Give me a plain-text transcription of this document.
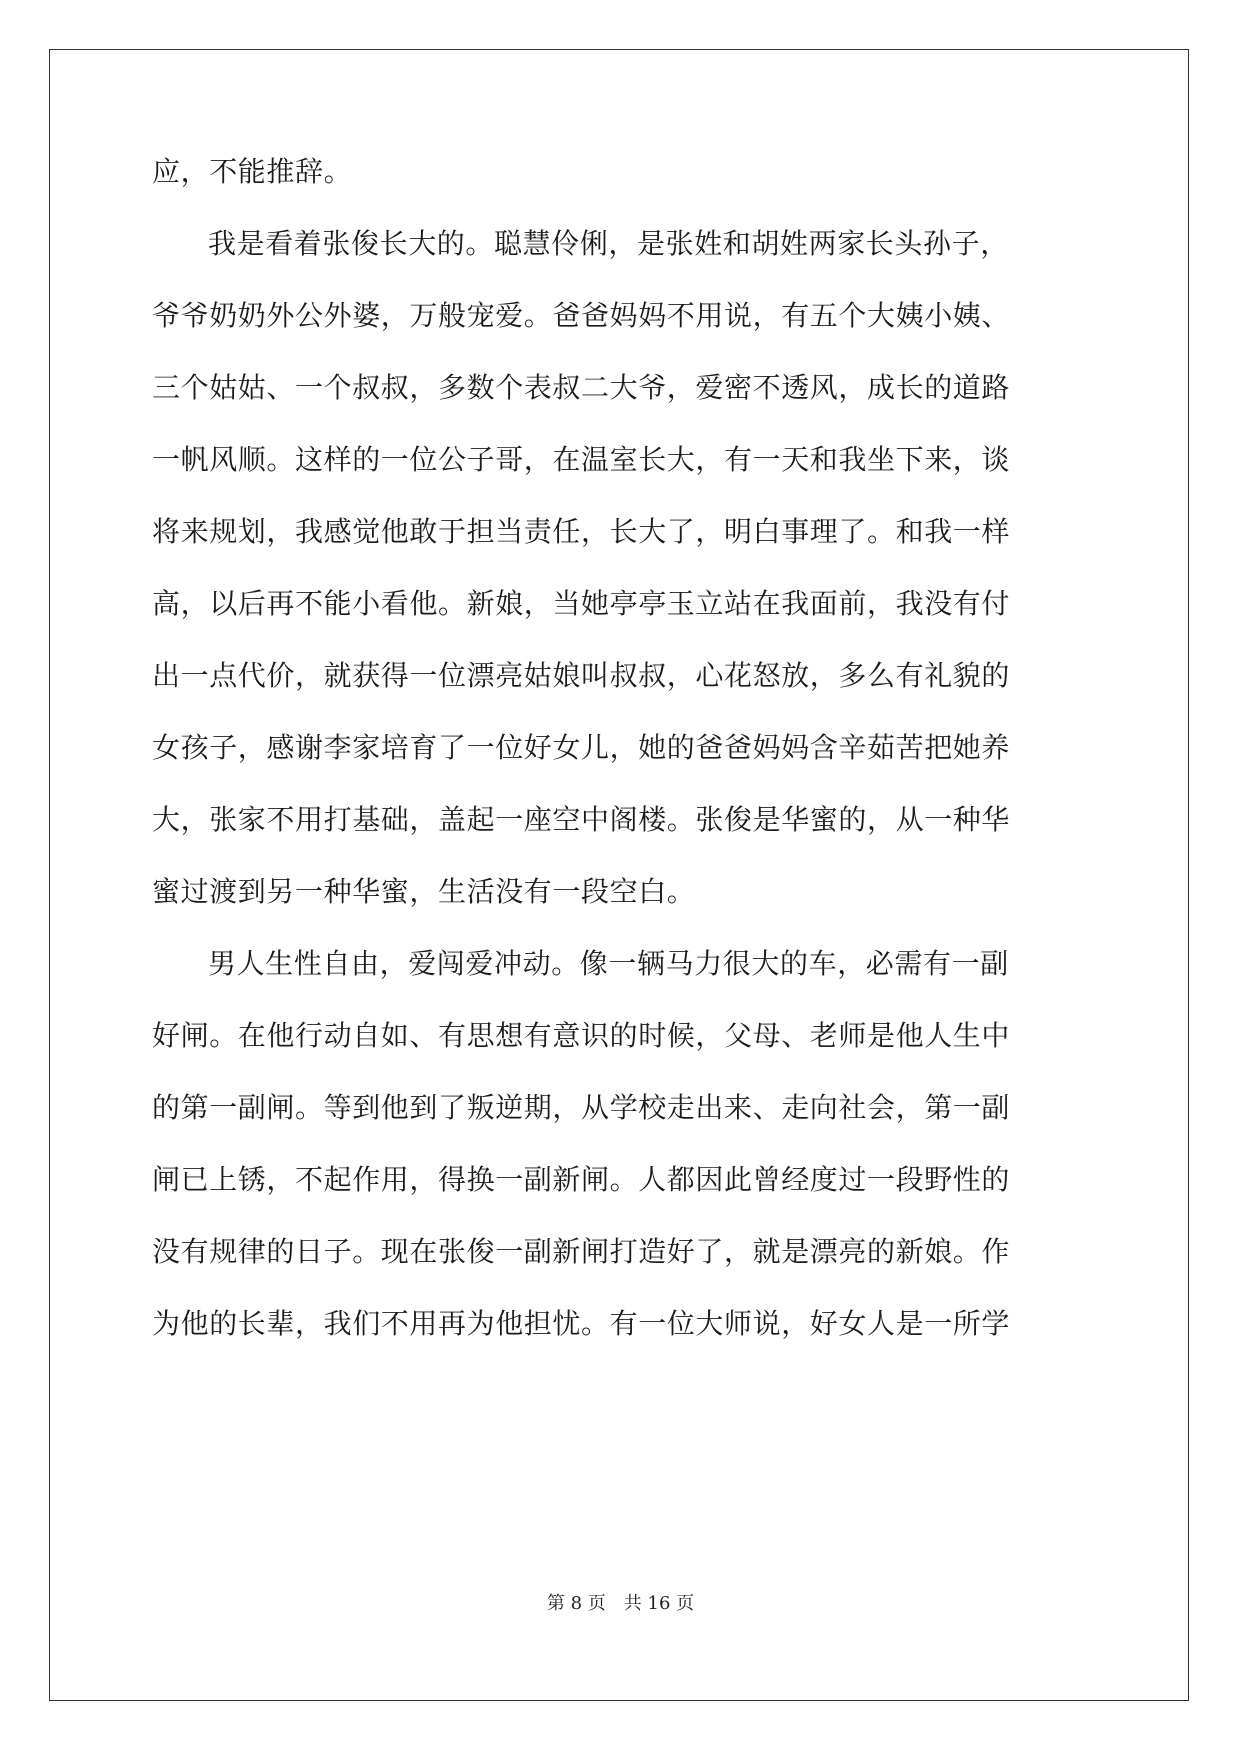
应，不能推辞。
我是看着张俊长大的。聪慧伶俐，是张姓和胡姓两家长头孙子，
爷爷奶奶外公外婆，万般宠爱。爸爸妈妈不用说，有五个大姨小姨、
三个姑姑、一个叔叔，多数个表叔二大爷，爱密不透风，成长的道路
一帆风顺。这样的一位公子哥，在温室长大，有一天和我坐下来，谈
将来规划，我感觉他敢于担当责任，长大了，明白事理了。和我一样
高，以后再不能小看他。新娘，当她亭亭玉立站在我面前，我没有付
出一点代价，就获得一位漂亮姑娘叫叔叔，心花怒放，多么有礼貌的
女孩子，感谢李家培育了一位好女儿，她的爸爸妈妈含辛茹苦把她养
大，张家不用打基础，盖起一座空中阁楼。张俊是华蜜的，从一种华
蜜过渡到另一种华蜜，生活没有一段空白。
男人生性自由，爱闯爱冲动。像一辆马力很大的车，必需有一副
好闸。在他行动自如、有思想有意识的时候，父母、老师是他人生中
的第一副闸。等到他到了叛逆期，从学校走出来、走向社会，第一副
闸已上锈，不起作用，得换一副新闸。人都因此曾经度过一段野性的
没有规律的日子。现在张俊一副新闸打造好了，就是漂亮的新娘。作
为他的长辈，我们不用再为他担忧。有一位大师说，好女人是一所学
第 8 页 共 16 页
